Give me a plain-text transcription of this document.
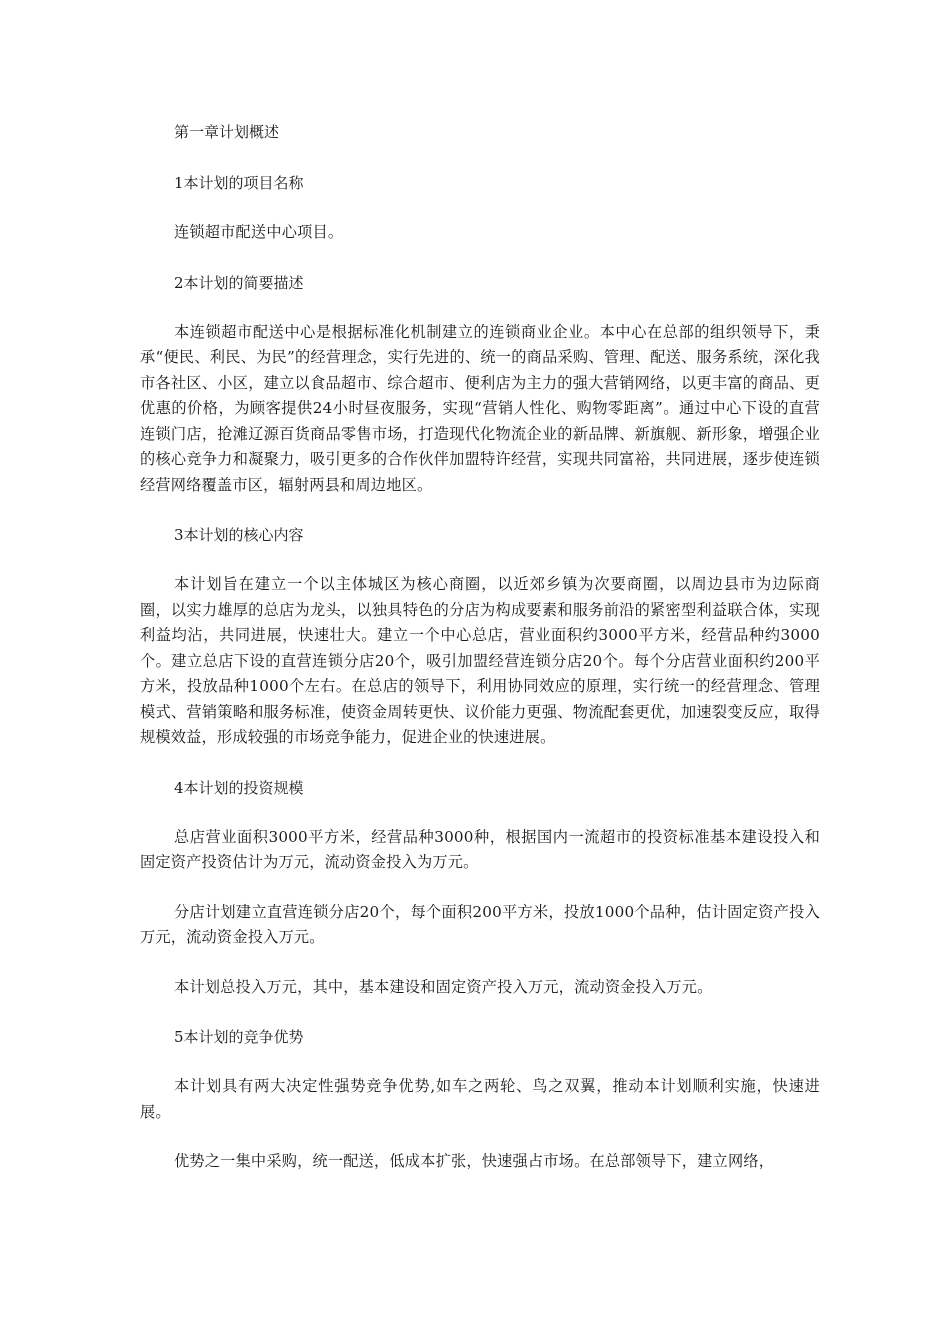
第一章计划概述

1本计划的项目名称

连锁超市配送中心项目。

2本计划的简要描述

本连锁超市配送中心是根据标准化机制建立的连锁商业企业。本中心在总部的组织领导下，秉承“便民、利民、为民”的经营理念，实行先进的、统一的商品采购、管理、配送、服务系统，深化我市各社区、小区，建立以食品超市、综合超市、便利店为主力的强大营销网络，以更丰富的商品、更优惠的价格，为顾客提供24小时昼夜服务，实现“营销人性化、购物零距离”。通过中心下设的直营连锁门店，抢滩辽源百货商品零售市场，打造现代化物流企业的新品牌、新旗舰、新形象，增强企业的核心竞争力和凝聚力，吸引更多的合作伙伴加盟特许经营，实现共同富裕，共同进展，逐步使连锁经营网络覆盖市区，辐射两县和周边地区。

3本计划的核心内容

本计划旨在建立一个以主体城区为核心商圈，以近郊乡镇为次要商圈，以周边县市为边际商圈，以实力雄厚的总店为龙头，以独具特色的分店为构成要素和服务前沿的紧密型利益联合体，实现利益均沾，共同进展，快速壮大。建立一个中心总店，营业面积约3000平方米，经营品种约3000个。建立总店下设的直营连锁分店20个，吸引加盟经营连锁分店20个。每个分店营业面积约200平方米，投放品种1000个左右。在总店的领导下，利用协同效应的原理，实行统一的经营理念、管理模式、营销策略和服务标准，使资金周转更快、议价能力更强、物流配套更优，加速裂变反应，取得规模效益，形成较强的市场竞争能力，促进企业的快速进展。

4本计划的投资规模

总店营业面积3000平方米，经营品种3000种，根据国内一流超市的投资标准基本建设投入和固定资产投资估计为万元，流动资金投入为万元。

分店计划建立直营连锁分店20个，每个面积200平方米，投放1000个品种，估计固定资产投入万元，流动资金投入万元。

本计划总投入万元，其中，基本建设和固定资产投入万元，流动资金投入万元。

5本计划的竞争优势

本计划具有两大决定性强势竞争优势,如车之两轮、鸟之双翼，推动本计划顺利实施，快速进展。

优势之一集中采购，统一配送，低成本扩张，快速强占市场。在总部领导下，建立网络，
